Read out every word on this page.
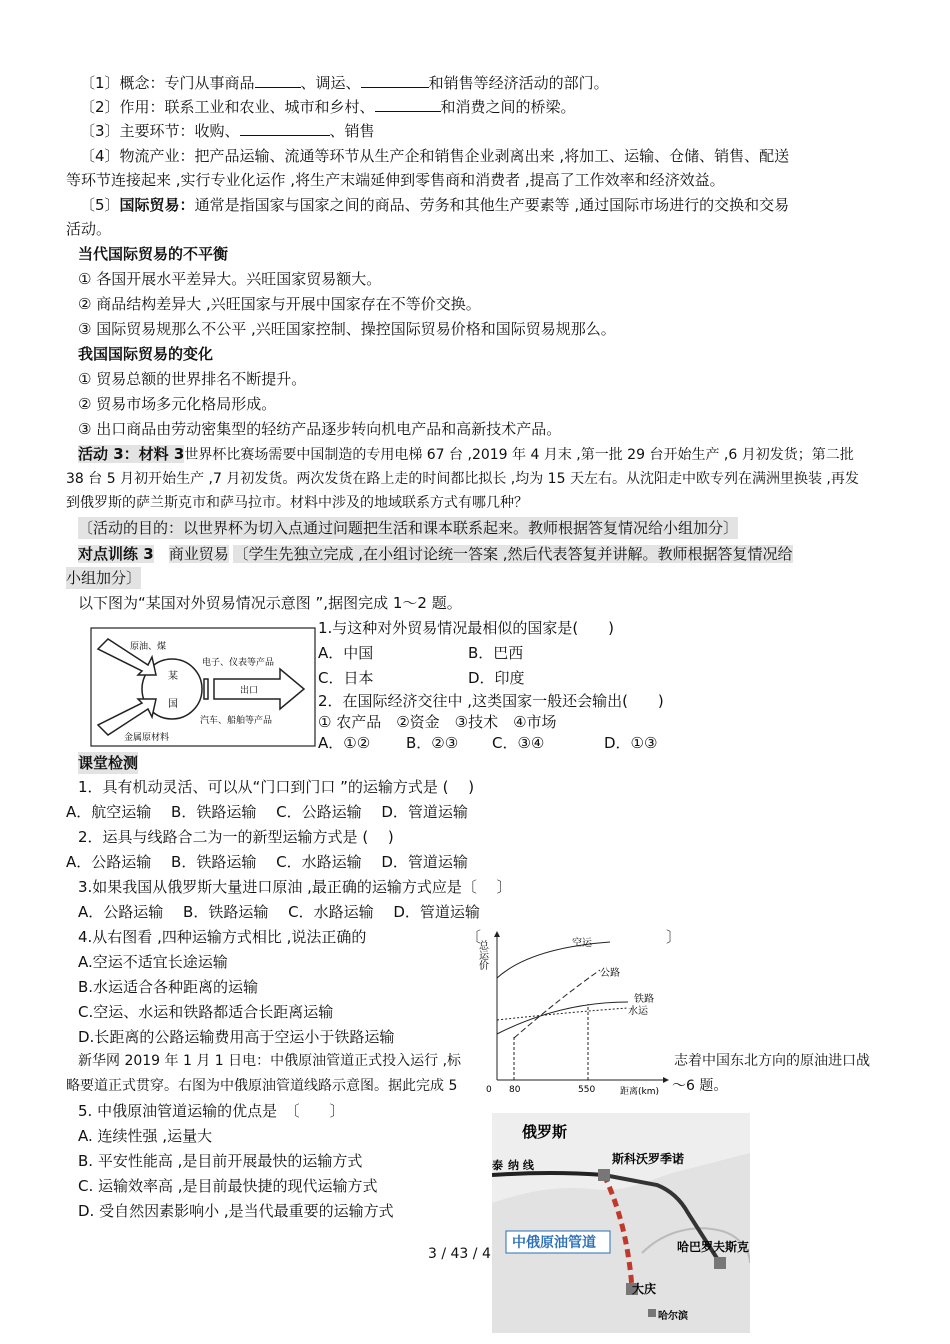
〔1〕概念：专门从事商品	、调运、	和销售等经济活动的部门。
〔2〕作用：联系工业和农业、城市和乡村、	和消费之间的桥梁。
〔3〕主要环节：收购、	、销售
〔4〕物流产业：把产品运输、流通等环节从生产企和销售企业剥离出来 ,将加工、运输、仓储、销售、配送
等环节连接起来 ,实行专业化运作 ,将生产末端延伸到零售商和消费者 ,提高了工作效率和经济效益。
〔5〕国际贸易：通常是指国家与国家之间的商品、劳务和其他生产要素等 ,通过国际市场进行的交换和交易
活动。
当代国际贸易的不平衡
① 各国开展水平差异大。兴旺国家贸易额大。
② 商品结构差异大 ,兴旺国家与开展中国家存在不等价交换。
③ 国际贸易规那么不公平 ,兴旺国家控制、操控国际贸易价格和国际贸易规那么。
我国国际贸易的变化
① 贸易总额的世界排名不断提升。
② 贸易市场多元化格局形成。
③ 出口商品由劳动密集型的轻纺产品逐步转向机电产品和高新技术产品。
活动 3：材料 3世界杯比赛场需要中国制造的专用电梯 67 台 ,2019 年 4 月末 ,第一批 29 台开始生产 ,6 月初发货；第二批
38 台 5 月初开始生产 ,7 月初发货。两次发货在路上走的时间都比拟长 ,均为 15 天左右。从沈阳走中欧专列在满洲里换装 ,再发
到俄罗斯的萨兰斯克市和萨马拉市。材料中涉及的地域联系方式有哪几种？
〔活动的目的：以世界杯为切入点通过问题把生活和课本联系起来。教师根据答复情况给小组加分〕
对点训练 3　 商业贸易 〔学生先独立完成 ,在小组讨论统一答案 ,然后代表答复并讲解。教师根据答复情况给
小组加分〕
以下图为“某国对外贸易情况示意图 ”,据图完成 1～2 题。
原油、煤
金属原材料
某
国
电子、仪表等产品
汽车、船舶等产品
出口
1.与这种对外贸易情况最相似的国家是(　　)
A．中国	B．巴西
C．日本	D．印度
2．在国际经济交往中 ,这类国家一般还会输出(　　)
① 农产品　②资金　③技术　④市场
A．①② B．②③ C．③④	D．①③
课堂检测
1．具有机动灵活、可以从“门口到门口 ”的运输方式是 (　 )
A．航空运输　 B．铁路运输　 C．公路运输　 D．管道运输
2．运具与线路合二为一的新型运输方式是 (　 )
A．公路运输　 B．铁路运输　 C．水路运输　 D．管道运输
3.如果我国从俄罗斯大量进口原油 ,最正确的运输方式应是〔　 〕
A．公路运输　 B．铁路运输　 C．水路运输　 D．管道运输
4.从右图看 ,四种运输方式相比 ,说法正确的	〔	〕
A.空运不适宜长途运输
B.水运适合各种距离的运输
C.空运、水运和铁路都适合长距离运输
D.长距离的公路运输费用高于空运小于铁路运输
总运价
0 80	550	距离(km)
空运
公路
铁路
水运
新华网 2019 年 1 月 1 日电：中俄原油管道正式投入运行 ,标	志着中国东北方向的原油进口战
略要道正式贯穿。右图为中俄原油管道线路示意图。据此完成 5	～6 题。
5. 中俄原油管道运输的优点是　〔　　〕
A. 连续性强 ,运量大
B. 平安性能高 ,是目前开展最快的运输方式
C. 运输效率高 ,是目前最快捷的现代运输方式
D. 受自然因素影响小 ,是当代最重要的运输方式
俄罗斯
泰 纳 线	斯科沃罗季诺
哈巴罗夫斯克
大庆
哈尔滨
中俄原油管道
3 / 43 / 4
